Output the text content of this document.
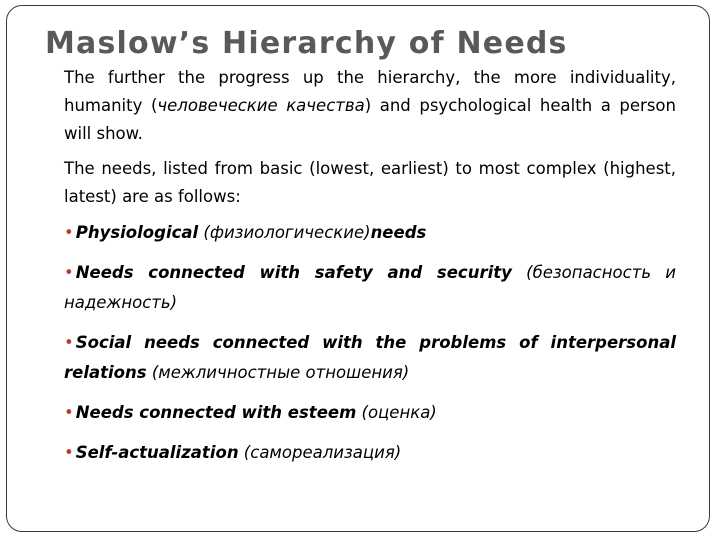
Maslow’s Hierarchy of Needs

The further the progress up the hierarchy, the more individuality, humanity (человеческие качества) and psychological health a person will show.

The needs, listed from basic (lowest, earliest) to most complex (highest, latest) are as follows:

• Physiological (физиологические)needs
• Needs connected with safety and security (безопасность и надежность)
• Social needs connected with the problems of interpersonal relations (межличностные отношения)
• Needs connected with esteem (оценка)
• Self-actualization (самореализация)
